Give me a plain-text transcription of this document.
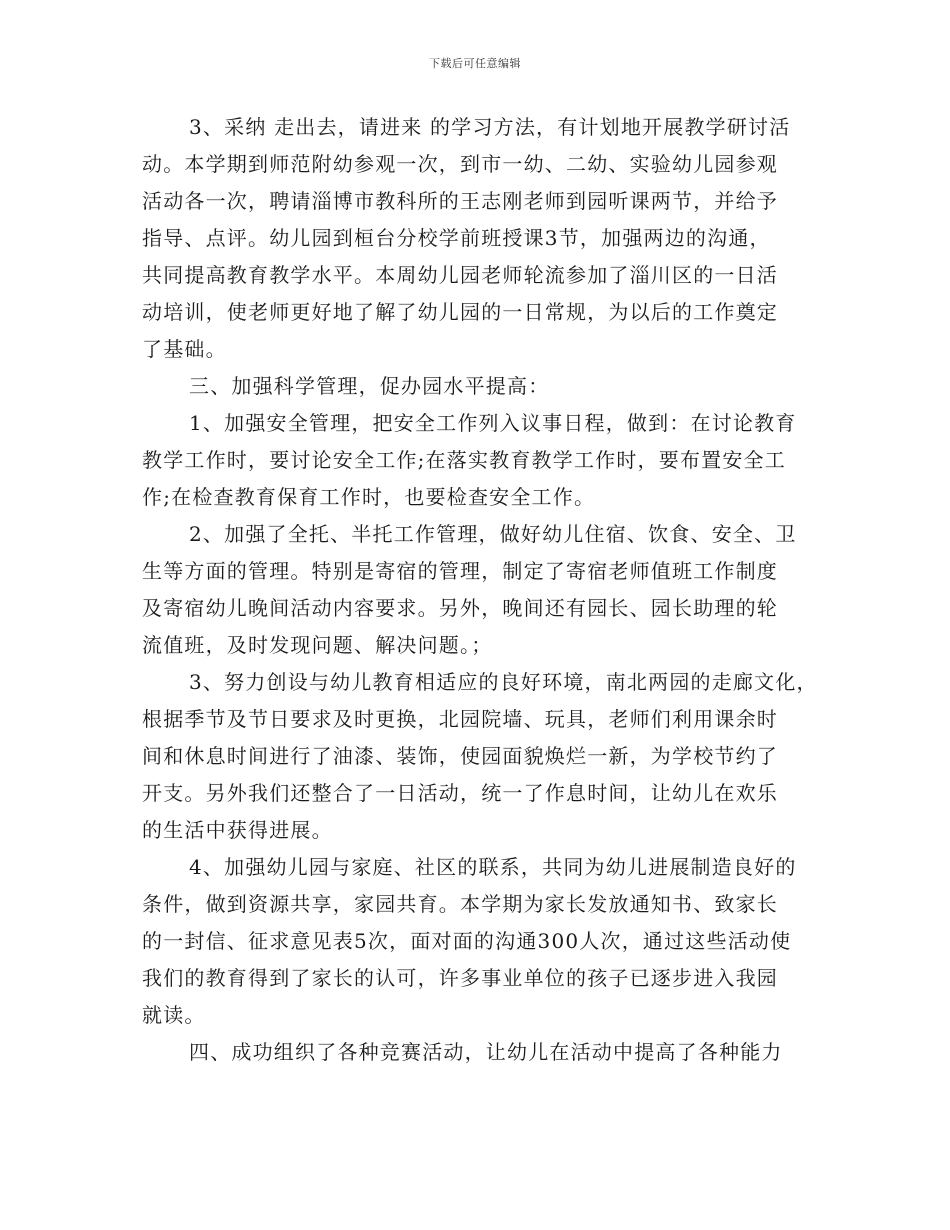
下载后可任意编辑
3、采纳 走出去，请进来 的学习方法，有计划地开展教学研讨活
动。本学期到师范附幼参观一次，到市一幼、二幼、实验幼儿园参观
活动各一次，聘请淄博市教科所的王志刚老师到园听课两节，并给予
指导、点评。幼儿园到桓台分校学前班授课3节，加强两边的沟通，
共同提高教育教学水平。本周幼儿园老师轮流参加了淄川区的一日活
动培训，使老师更好地了解了幼儿园的一日常规，为以后的工作奠定
了基础。
三、加强科学管理，促办园水平提高：
1、加强安全管理，把安全工作列入议事日程，做到：在讨论教育
教学工作时，要讨论安全工作;在落实教育教学工作时，要布置安全工
作;在检查教育保育工作时，也要检查安全工作。
2、加强了全托、半托工作管理，做好幼儿住宿、饮食、安全、卫
生等方面的管理。特别是寄宿的管理，制定了寄宿老师值班工作制度
及寄宿幼儿晚间活动内容要求。另外，晚间还有园长、园长助理的轮
流值班，及时发现问题、解决问题。；
3、努力创设与幼儿教育相适应的良好环境，南北两园的走廊文化，
根据季节及节日要求及时更换，北园院墙、玩具，老师们利用课余时
间和休息时间进行了油漆、装饰，使园面貌焕烂一新，为学校节约了
开支。另外我们还整合了一日活动，统一了作息时间，让幼儿在欢乐
的生活中获得进展。
4、加强幼儿园与家庭、社区的联系，共同为幼儿进展制造良好的
条件，做到资源共享，家园共育。本学期为家长发放通知书、致家长
的一封信、征求意见表5次，面对面的沟通300人次，通过这些活动使
我们的教育得到了家长的认可，许多事业单位的孩子已逐步进入我园
就读。
四、成功组织了各种竞赛活动，让幼儿在活动中提高了各种能力
